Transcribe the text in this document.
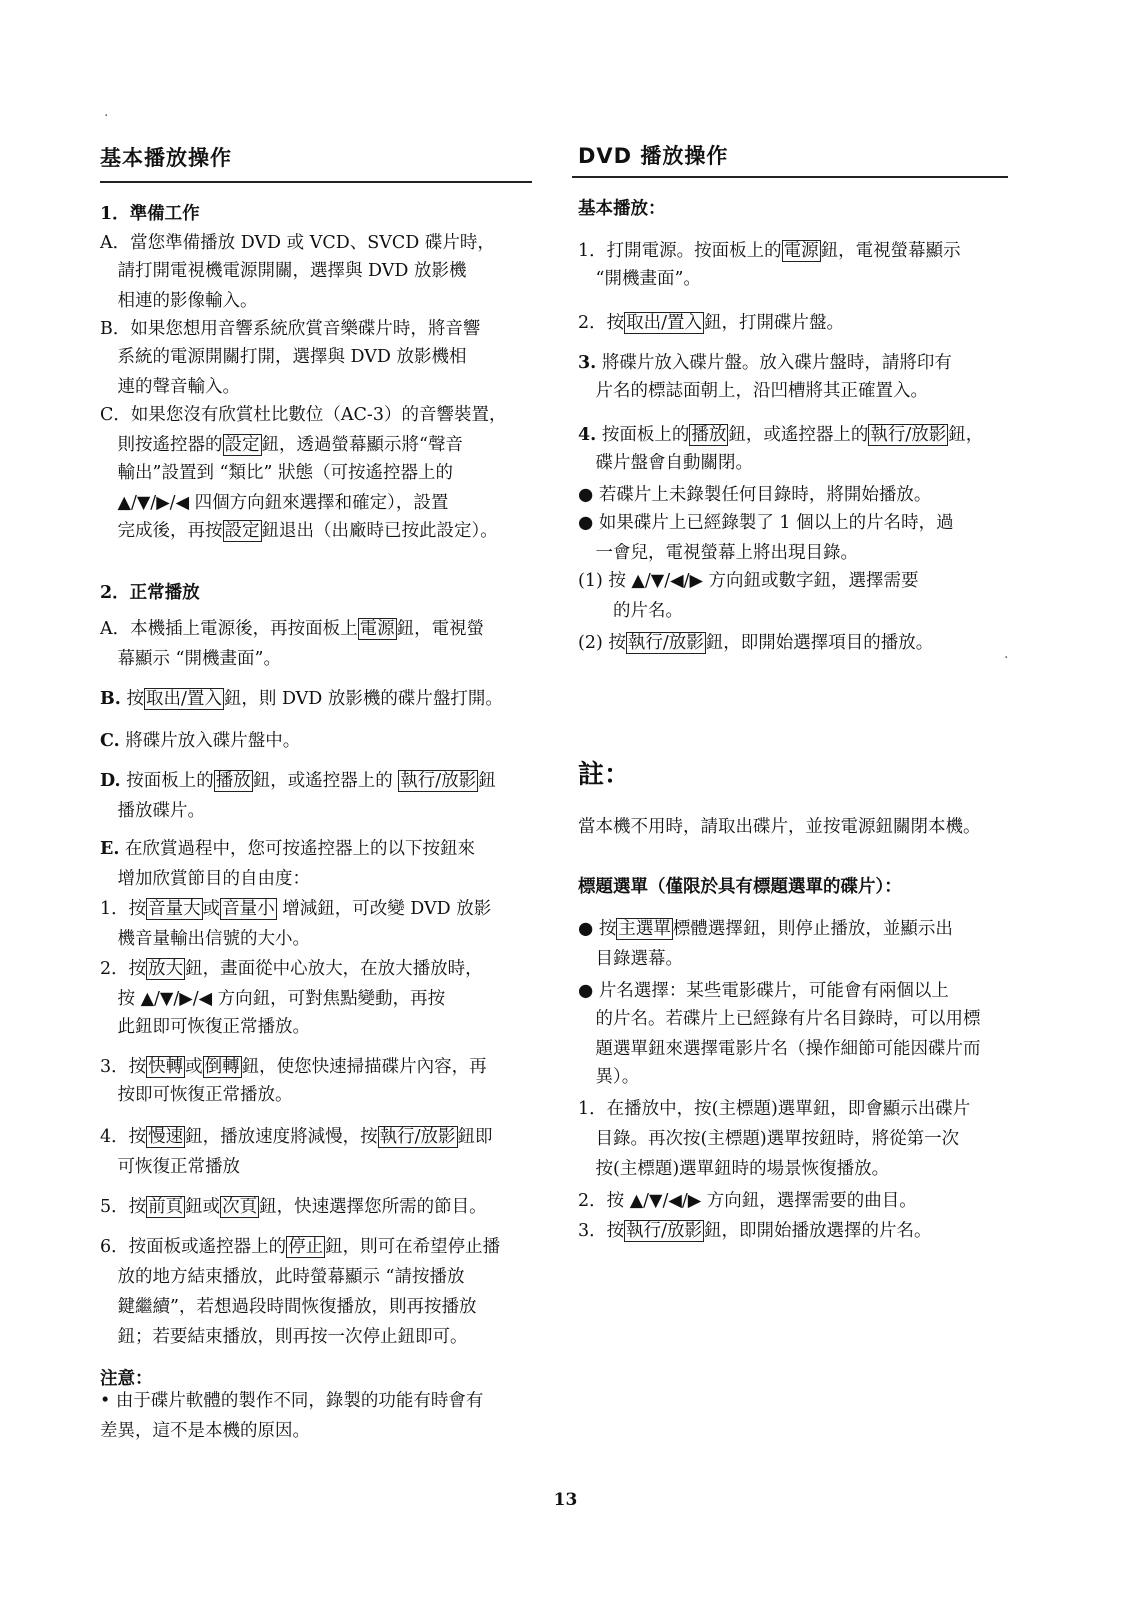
基本播放操作
1．準備工作
A．當您準備播放 DVD 或 VCD、SVCD 碟片時，
　請打開電視機電源開關，選擇與 DVD 放影機
　相連的影像輸入。
B．如果您想用音響系統欣賞音樂碟片時，將音響
　系統的電源開關打開，選擇與 DVD 放影機相
　連的聲音輸入。
C．如果您沒有欣賞杜比數位（AC-3）的音響裝置，
　則按遙控器的 設定 鈕，透過螢幕顯示將“聲音
　輸出”設置到 “類比” 狀態（可按遙控器上的
　▲/▼/▶/◀ 四個方向鈕來選擇和確定），設置
　完成後，再按 設定 鈕退出（出廠時已按此設定）。
2．正常播放
A．本機插上電源後，再按面板上 電源 鈕，電視螢
　幕顯示 “開機畫面”。
B. 按 取出/置入 鈕，則 DVD 放影機的碟片盤打開。
C. 將碟片放入碟片盤中。
D. 按面板上的 播放 鈕，或遙控器上的 執行/放影 鈕
　播放碟片。
E. 在欣賞過程中，您可按遙控器上的以下按鈕來
　增加欣賞節目的自由度：
1．按 音量大 或 音量小 增減鈕，可改變 DVD 放影
　機音量輸出信號的大小。
2．按 放大 鈕，畫面從中心放大，在放大播放時，
　按 ▲/▼/▶/◀ 方向鈕，可對焦點變動，再按
　此鈕即可恢復正常播放。
3．按 快轉 或 倒轉 鈕，使您快速掃描碟片內容，再
　按即可恢復正常播放。
4．按 慢速 鈕，播放速度將減慢，按 執行/放影 鈕即
　可恢復正常播放
5．按 前頁 鈕或 次頁 鈕，快速選擇您所需的節目。
6．按面板或遙控器上的 停止 鈕，則可在希望停止播
　放的地方結束播放，此時螢幕顯示 “請按播放
　鍵繼續”，若想過段時間恢復播放，則再按播放
　鈕；若要結束播放，則再按一次停止鈕即可。
注意：
• 由于碟片軟體的製作不同，錄製的功能有時會有
差異，這不是本機的原因。
DVD 播放操作
基本播放：
1．打開電源。按面板上的 電源 鈕，電視螢幕顯示
　“開機畫面”。
2．按 取出/置入 鈕，打開碟片盤。
3. 將碟片放入碟片盤。放入碟片盤時，請將印有
　片名的標誌面朝上，沿凹槽將其正確置入。
4. 按面板上的 播放 鈕，或遙控器上的 執行/放影 鈕，
　碟片盤會自動關閉。
● 若碟片上未錄製任何目錄時，將開始播放。
● 如果碟片上已經錄製了 1 個以上的片名時，過
　一會兒，電視螢幕上將出現目錄。
(1) 按 ▲/▼/◀/▶ 方向鈕或數字鈕，選擇需要
　　的片名。
(2) 按 執行/放影 鈕，即開始選擇項目的播放。
註：
當本機不用時，請取出碟片，並按電源鈕關閉本機。
標題選單（僅限於具有標題選單的碟片）：
● 按 主選單 標體選擇鈕，則停止播放，並顯示出
　目錄選幕。
● 片名選擇：某些電影碟片，可能會有兩個以上
　的片名。若碟片上已經錄有片名目錄時，可以用標
　題選單鈕來選擇電影片名（操作細節可能因碟片而
　異）。
1．在播放中，按(主標題)選單鈕，即會顯示出碟片
　目錄。再次按(主標題)選單按鈕時，將從第一次
　按(主標題)選單鈕時的場景恢復播放。
2．按 ▲/▼/◀/▶ 方向鈕，選擇需要的曲目。
3．按 執行/放影 鈕，即開始播放選擇的片名。
13
·
·
